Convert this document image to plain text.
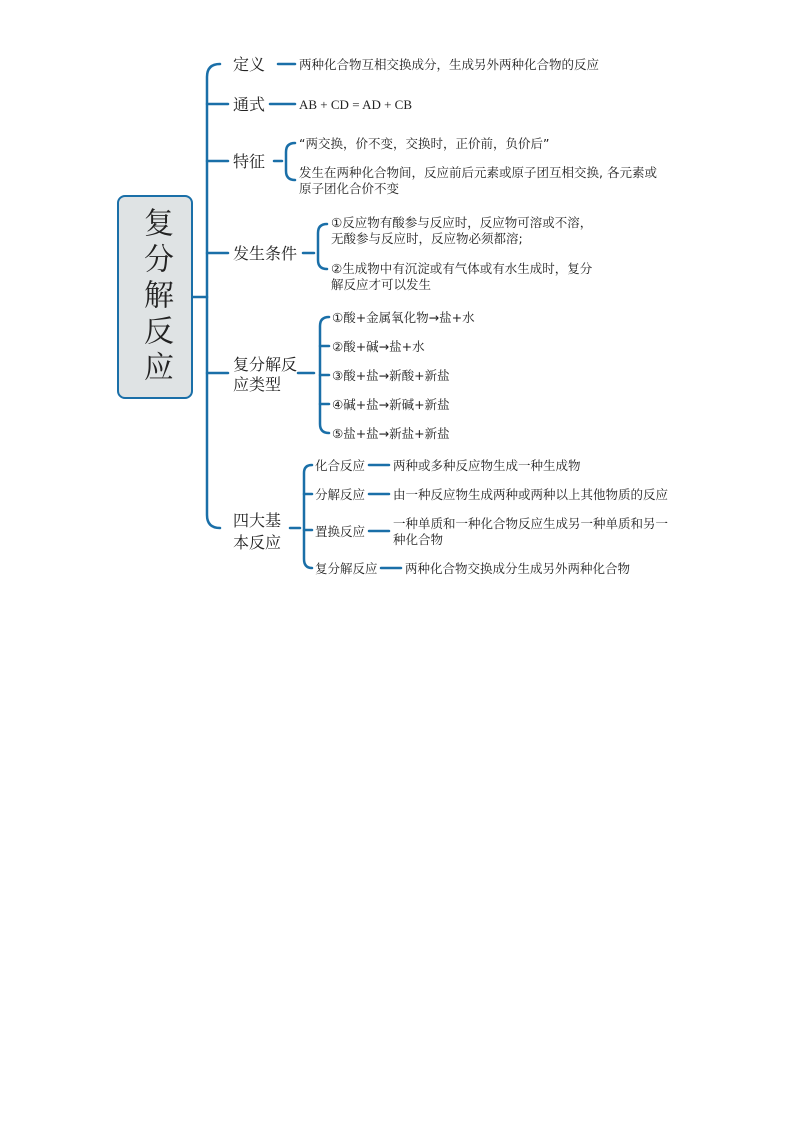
复分解反应
定义	两种化合物互相交换成分，生成另外两种化合物的反应
通式	AB + CD = AD + CB
特征
“两交换，价不变，交换时，正价前，负价后”
发生在两种化合物间，反应前后元素或原子团互相交换, 各元素或
原子团化合价不变
发生条件
①反应物有酸参与反应时，反应物可溶或不溶，
无酸参与反应时，反应物必须都溶;
②生成物中有沉淀或有气体或有水生成时，复分
解反应才可以发生
复分解反
应类型
①酸+金属氧化物→盐+水
②酸+碱→盐+水
③酸+盐→新酸+新盐
④碱+盐→新碱+新盐
⑤盐+盐→新盐+新盐
四大基
本反应
化合反应 两种或多种反应物生成一种生成物
分解反应 由一种反应物生成两种或两种以上其他物质的反应
置换反应
一种单质和一种化合物反应生成另一种单质和另一
种化合物
复分解反应 两种化合物交换成分生成另外两种化合物
